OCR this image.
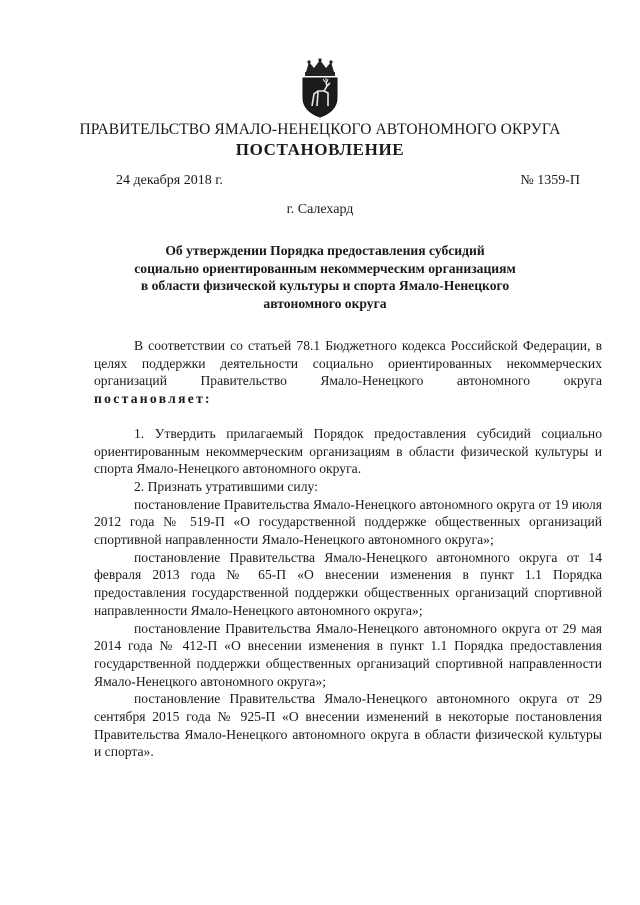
ПРАВИТЕЛЬСТВО ЯМАЛО-НЕНЕЦКОГО АВТОНОМНОГО ОКРУГА
ПОСТАНОВЛЕНИЕ
24 декабря 2018 г.	№ 1359-П
г. Салехард
Об утверждении Порядка предоставления субсидий
социально ориентированным некоммерческим организациям
в области физической культуры и спорта Ямало-Ненецкого
автономного округа

В соответствии со статьей 78.1 Бюджетного кодекса Российской Федерации, в целях поддержки деятельности социально ориентированных некоммерческих организаций Правительство Ямало-Ненецкого автономного округа постановляет:

1. Утвердить прилагаемый Порядок предоставления субсидий социально ориентированным некоммерческим организациям в области физической культуры и спорта Ямало-Ненецкого автономного округа.

2. Признать утратившими силу:

постановление Правительства Ямало-Ненецкого автономного округа от 19 июля 2012 года № 519-П «О государственной поддержке общественных организаций спортивной направленности Ямало-Ненецкого автономного округа»;

постановление Правительства Ямало-Ненецкого автономного округа от 14 февраля 2013 года № 65-П «О внесении изменения в пункт 1.1 Порядка предоставления государственной поддержки общественных организаций спортивной направленности Ямало-Ненецкого автономного округа»;

постановление Правительства Ямало-Ненецкого автономного округа от 29 мая 2014 года № 412-П «О внесении изменения в пункт 1.1 Порядка предоставления государственной поддержки общественных организаций спортивной направленности Ямало-Ненецкого автономного округа»;

постановление Правительства Ямало-Ненецкого автономного округа от 29 сентября 2015 года № 925-П «О внесении изменений в некоторые постановления Правительства Ямало-Ненецкого автономного округа в области физической культуры и спорта».
